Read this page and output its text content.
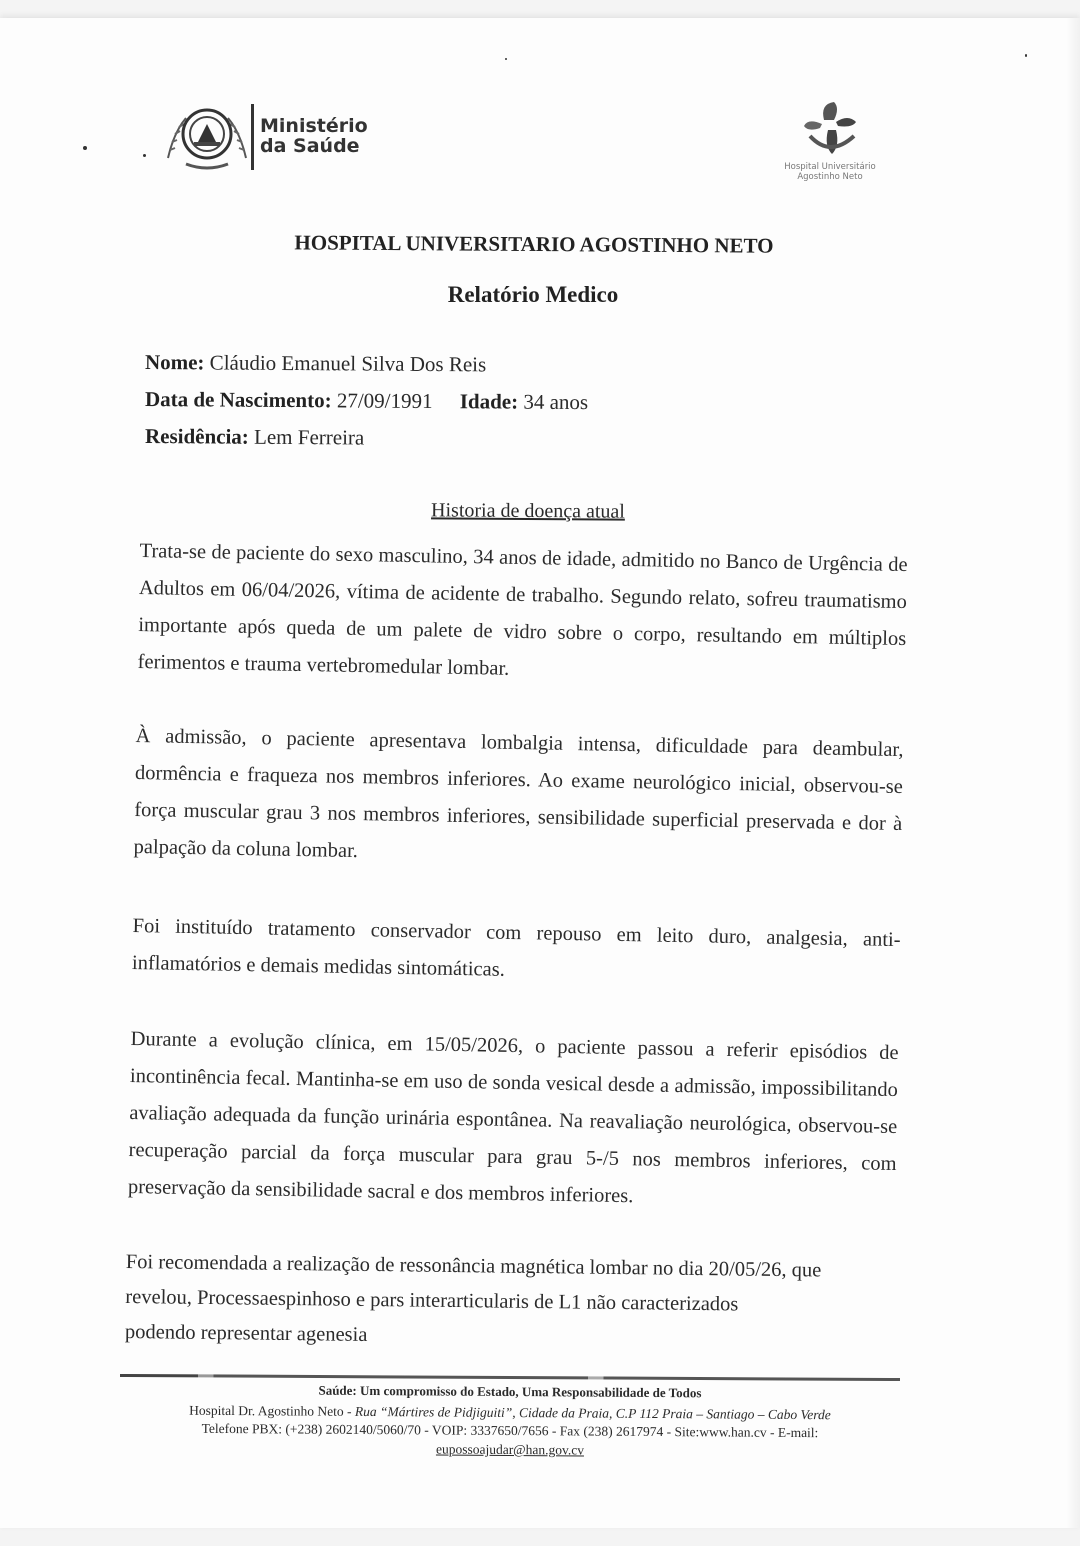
Ministério
da Saúde
Hospital Universitário
Agostinho Neto
HOSPITAL UNIVERSITARIO AGOSTINHO NETO
Relatório Medico
Nome: Cláudio Emanuel Silva Dos Reis
Data de Nascimento: 27/09/1991 Idade: 34 anos
Residência: Lem Ferreira
Historia de doença atual

Trata-se de paciente do sexo masculino, 34 anos de idade, admitido no Banco de Urgência de Adultos em 06/04/2026, vítima de acidente de trabalho. Segundo relato, sofreu traumatismo importante após queda de um palete de vidro sobre o corpo, resultando em múltiplos ferimentos e trauma vertebromedular lombar.

À admissão, o paciente apresentava lombalgia intensa, dificuldade para deambular, dormência e fraqueza nos membros inferiores. Ao exame neurológico inicial, observou-se força muscular grau 3 nos membros inferiores, sensibilidade superficial preservada e dor à palpação da coluna lombar.

Foi instituído tratamento conservador com repouso em leito duro, analgesia, anti-inflamatórios e demais medidas sintomáticas.

Durante a evolução clínica, em 15/05/2026, o paciente passou a referir episódios de incontinência fecal. Mantinha-se em uso de sonda vesical desde a admissão, impossibilitando avaliação adequada da função urinária espontânea. Na reavaliação neurológica, observou-se recuperação parcial da força muscular para grau 5-/5 nos membros inferiores, com preservação da sensibilidade sacral e dos membros inferiores.

Foi recomendada a realização de ressonância magnética lombar no dia 20/05/26, que
revelou, Processaespinhoso e pars interarticularis de L1 não caracterizados
podendo representar agenesia

Saúde: Um compromisso do Estado, Uma Responsabilidade de Todos
Hospital Dr. Agostinho Neto - Rua “Mártires de Pidjiguiti”, Cidade da Praia, C.P 112 Praia – Santiago – Cabo Verde
Telefone PBX: (+238) 2602140/5060/70 - VOIP: 3337650/7656 - Fax (238) 2617974 - Site:www.han.cv - E-mail:
eupossoajudar@han.gov.cv
